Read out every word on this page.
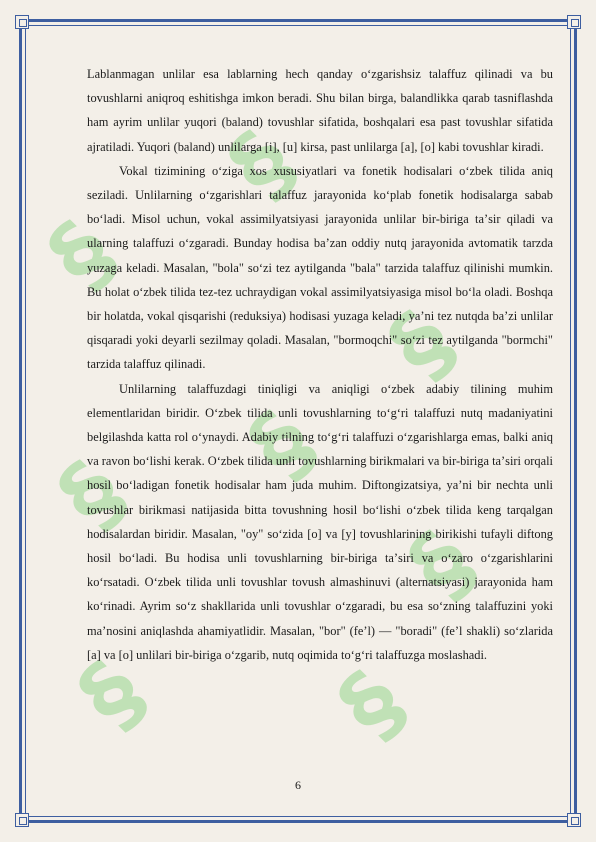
§
§
§
§ §
§
§ §

Lablanmagan unlilar esa lablarning hech qanday oʻzgarishsiz talaffuz qilinadi va bu tovushlarni aniqroq eshitishga imkon beradi. Shu bilan birga, balandlikka qarab tasniflashda ham ayrim unlilar yuqori (baland) tovushlar sifatida, boshqalari esa past tovushlar sifatida ajratiladi. Yuqori (baland) unlilarga [i], [u] kirsa, past unlilarga [a], [o] kabi tovushlar kiradi.

Vokal tizimining oʻziga xos xususiyatlari va fonetik hodisalari oʻzbek tilida aniq seziladi. Unlilarning oʻzgarishlari talaffuz jarayonida koʻplab fonetik hodisalarga sabab boʻladi. Misol uchun, vokal assimilyatsiyasi jarayonida unlilar bir-biriga taʼsir qiladi va ularning talaffuzi oʻzgaradi. Bunday hodisa baʼzan oddiy nutq jarayonida avtomatik tarzda yuzaga keladi. Masalan, "bola" soʻzi tez aytilganda "bala" tarzida talaffuz qilinishi mumkin. Bu holat oʻzbek tilida tez-tez uchraydigan vokal assimilyatsiyasiga misol boʻla oladi. Boshqa bir holatda, vokal qisqarishi (reduksiya) hodisasi yuzaga keladi, yaʼni tez nutqda baʼzi unlilar qisqaradi yoki deyarli sezilmay qoladi. Masalan, "bormoqchi" soʻzi tez aytilganda "bormchi" tarzida talaffuz qilinadi.

Unlilarning talaffuzdagi tiniqligi va aniqligi oʻzbek adabiy tilining muhim elementlaridan biridir. Oʻzbek tilida unli tovushlarning toʻgʻri talaffuzi nutq madaniyatini belgilashda katta rol oʻynaydi. Adabiy tilning toʻgʻri talaffuzi oʻzgarishlarga emas, balki aniq va ravon boʻlishi kerak. Oʻzbek tilida unli tovushlarning birikmalari va bir-biriga taʼsiri orqali hosil boʻladigan fonetik hodisalar ham juda muhim. Diftongizatsiya, yaʼni bir nechta unli tovushlar birikmasi natijasida bitta tovushning hosil boʻlishi oʻzbek tilida keng tarqalgan hodisalardan biridir. Masalan, "oy" soʻzida [o] va [y] tovushlarining birikishi tufayli diftong hosil boʻladi. Bu hodisa unli tovushlarning bir-biriga taʼsiri va oʻzaro oʻzgarishlarini koʻrsatadi. Oʻzbek tilida unli tovushlar tovush almashinuvi (alternatsiyasi) jarayonida ham koʻrinadi. Ayrim soʻz shakllarida unli tovushlar oʻzgaradi, bu esa soʻzning talaffuzini yoki maʼnosini aniqlashda ahamiyatlidir. Masalan, "bor" (feʼl) — "boradi" (feʼl shakli) soʻzlarida [a] va [o] unlilari bir-biriga oʻzgarib, nutq oqimida toʻgʻri talaffuzga moslashadi.

6
